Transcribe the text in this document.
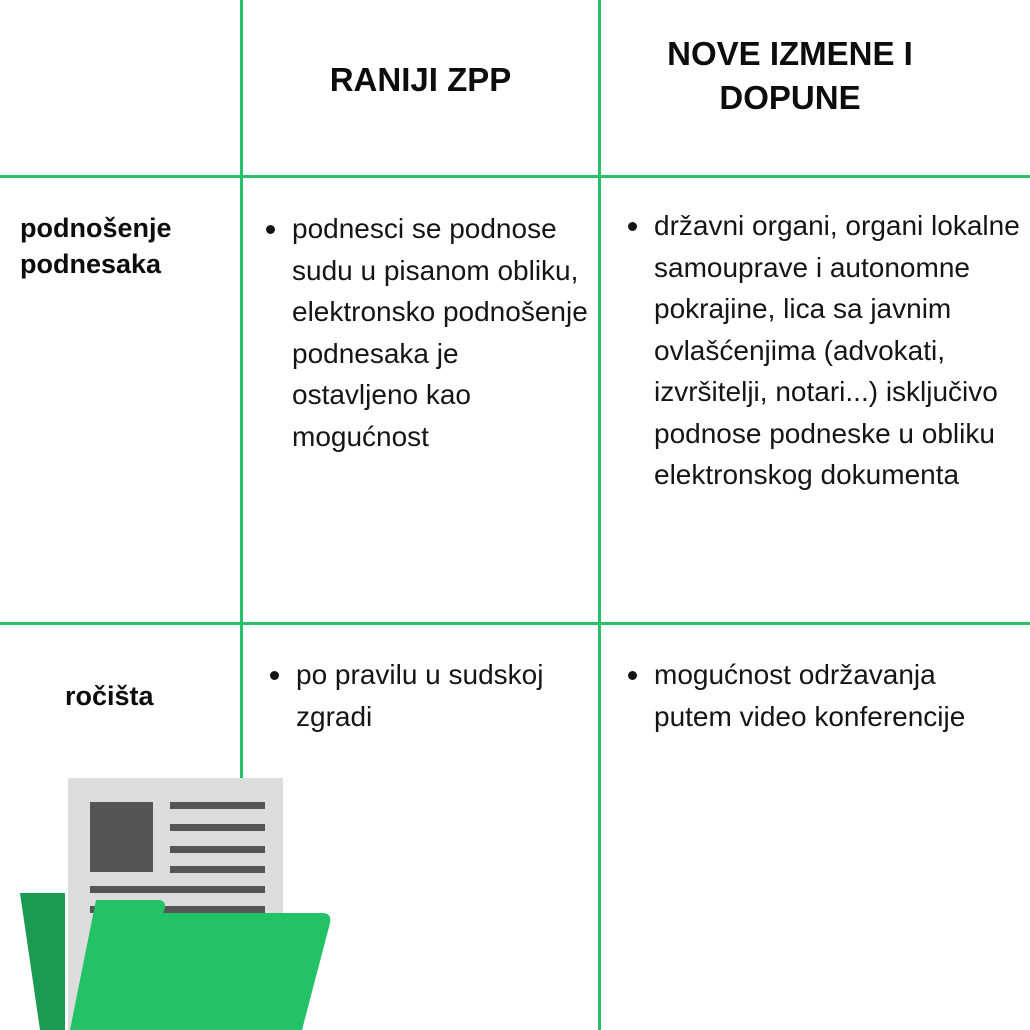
RANIJI ZPP
NOVE IZMENE I DOPUNE
podnošenje podnesaka
podnesci se podnose sudu u pisanom obliku, elektronsko podnošenje podnesaka je ostavljeno kao mogućnost
državni organi, organi lokalne samouprave i autonomne pokrajine, lica sa javnim ovlašćenjima (advokati, izvršitelji, notari...) isključivo podnose podneske u obliku elektronskog dokumenta
ročišta
po pravilu u sudskoj zgradi
mogućnost održavanja putem video konferencije
